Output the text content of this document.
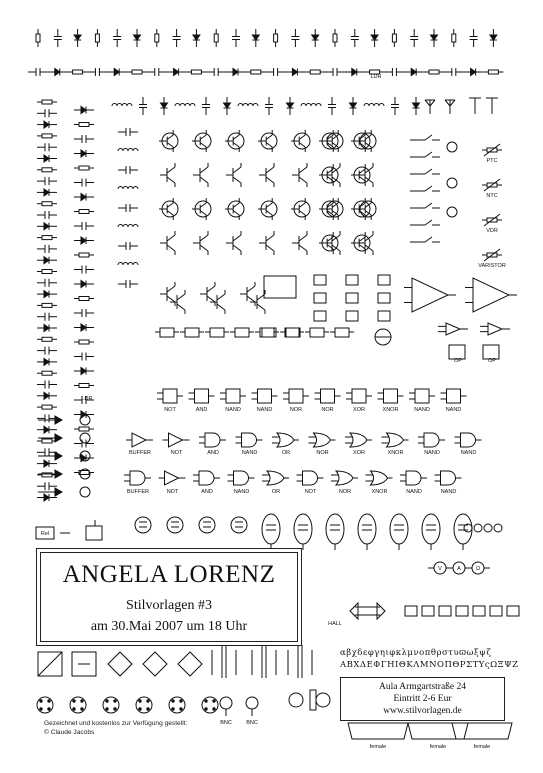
PTC
NTC
VDR
VARISTOR
NOT	AND	NAND	NAND	NOR	NOR	XOR	XNOR	NAND	NAND
BUFFER	NOT	AND	NAND	OR	NOR	XOR	XNOR	NAND	NAND
BUFFER	NOT	AND	NAND	OR	NOT	NOR	XNOR	NAND	NAND
V	A	Ω
Rel
HALL
BNC	BNC
female	female	female
LDR
LDR
OP	OP
ANGELA LORENZ
Stilvorlagen #3
am 30.Mai 2007 um 18 Uhr
Aula Armgartstraße 24
Eintritt 2-6 Eur
www.stilvorlagen.de
Gezeichnet und kostenlos zur Verfügung gestellt:
© Claude Jacobs
αβχδεφγηιφκλμνοπθρστυϖωξψζ
ΑΒΧΔΕΦΓΗΙΘΚΛΜΝΟΠΘΡΣΤΥςΩΞΨΖ
